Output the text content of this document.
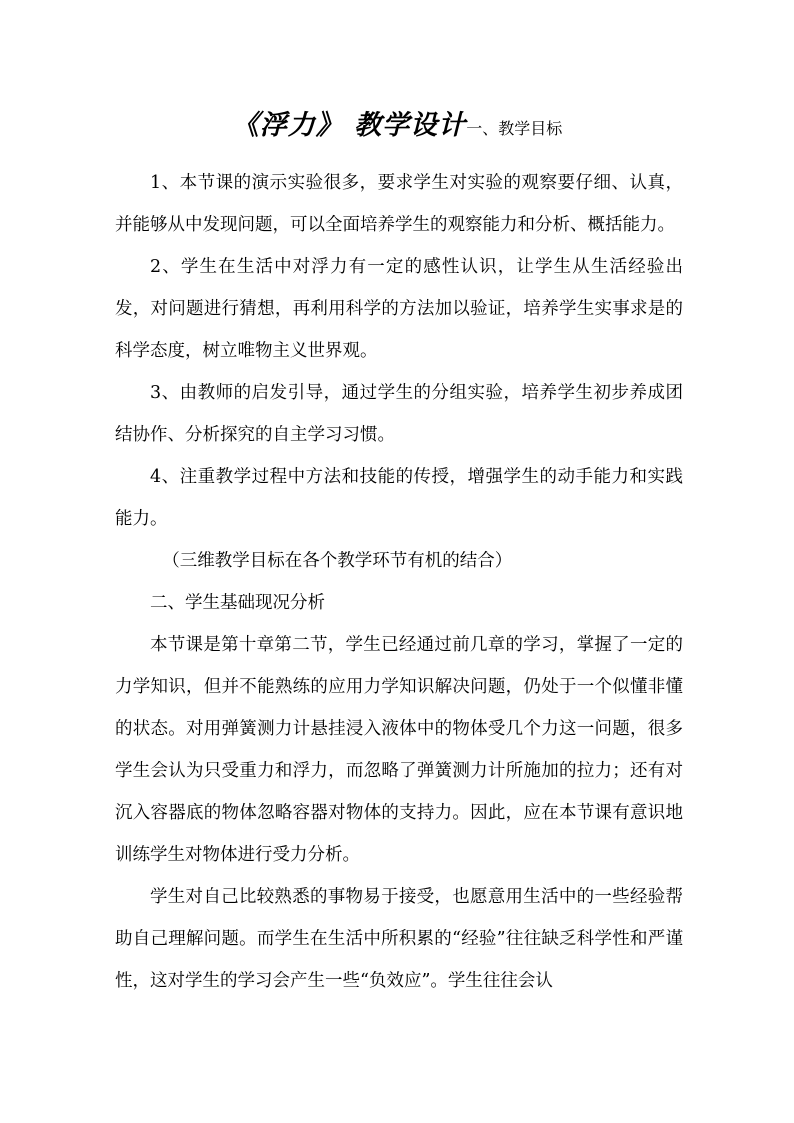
《浮力》 教学设计一、教学目标

1、本节课的演示实验很多，要求学生对实验的观察要仔细、认真，并能够从中发现问题，可以全面培养学生的观察能力和分析、概括能力。

2、学生在生活中对浮力有一定的感性认识，让学生从生活经验出发，对问题进行猜想，再利用科学的方法加以验证，培养学生实事求是的科学态度，树立唯物主义世界观。

3、由教师的启发引导，通过学生的分组实验，培养学生初步养成团结协作、分析探究的自主学习习惯。

4、注重教学过程中方法和技能的传授，增强学生的动手能力和实践能力。

（三维教学目标在各个教学环节有机的结合）

二、学生基础现况分析

本节课是第十章第二节，学生已经通过前几章的学习，掌握了一定的力学知识，但并不能熟练的应用力学知识解决问题，仍处于一个似懂非懂的状态。对用弹簧测力计悬挂浸入液体中的物体受几个力这一问题，很多学生会认为只受重力和浮力，而忽略了弹簧测力计所施加的拉力；还有对沉入容器底的物体忽略容器对物体的支持力。因此，应在本节课有意识地训练学生对物体进行受力分析。

学生对自己比较熟悉的事物易于接受，也愿意用生活中的一些经验帮助自己理解问题。而学生在生活中所积累的“经验”往往缺乏科学性和严谨性，这对学生的学习会产生一些“负效应”。学生往往会认
